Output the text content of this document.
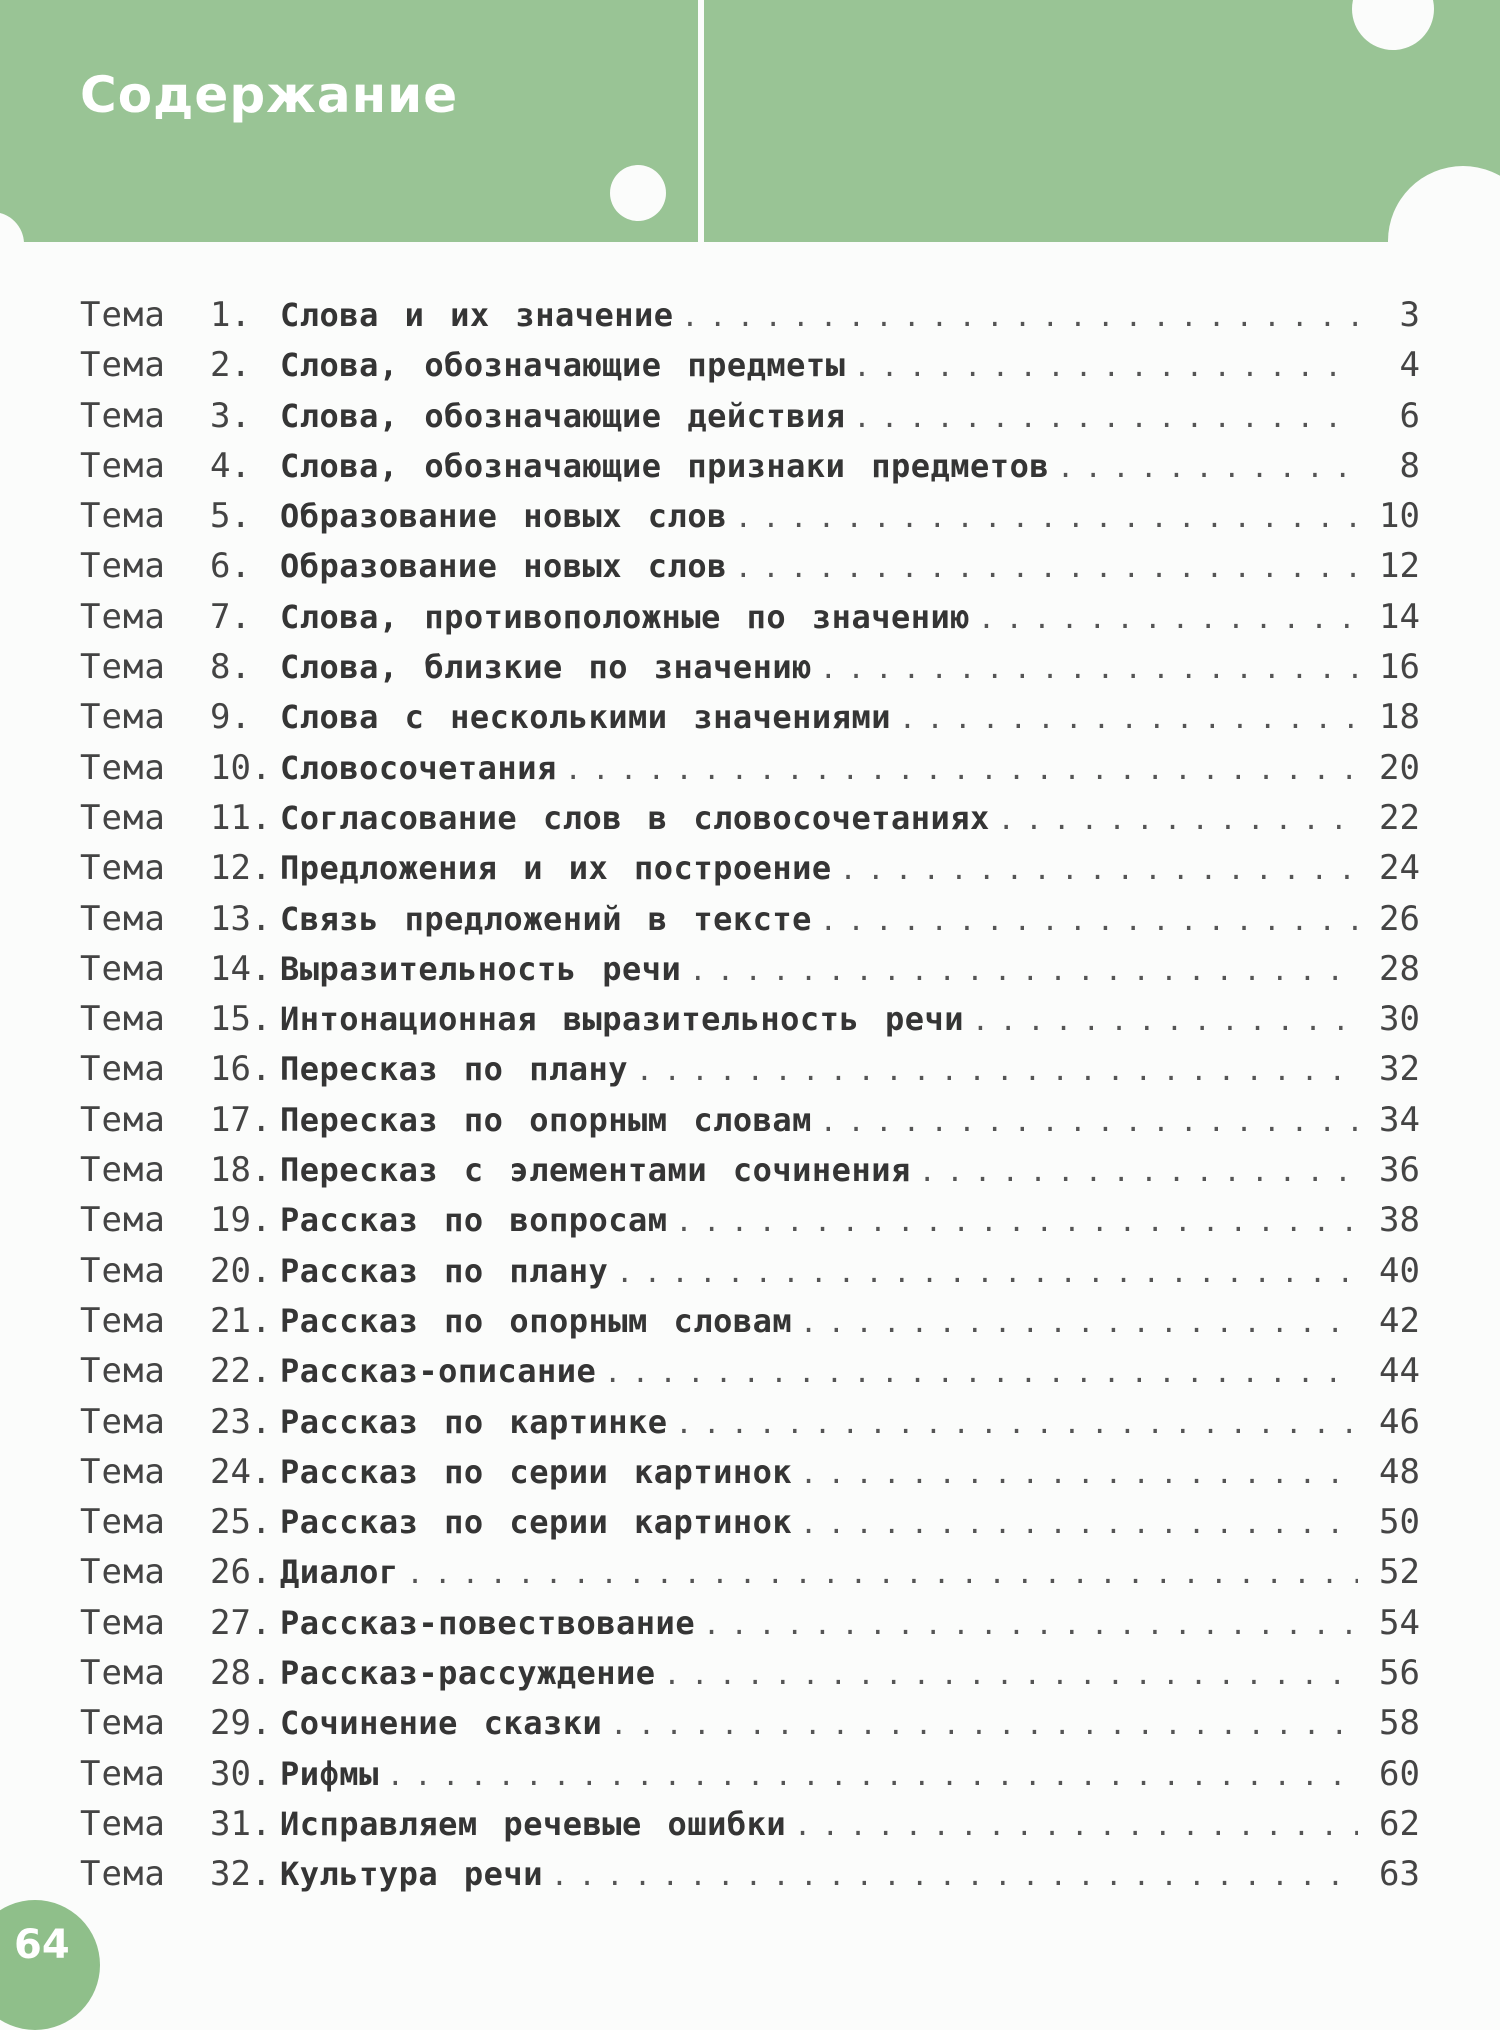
Содержание
Тема	1. Слова и их значение . . .	3
Тема	2. Слова, обозначающие предметы . . .	4
Тема	3. Слова, обозначающие действия . . .	6
Тема	4. Слова, обозначающие признаки предметов . . .	8
Тема	5. Образование новых слов . . .	10
Тема	6. Образование новых слов . . .	12
Тема	7. Слова, противоположные по значению . . .	14
Тема	8. Слова, близкие по значению . . .	16
Тема	9. Слова с несколькими значениями . . .	18
Тема	10. Словосочетания . . .	20
Тема	11. Согласование слов в словосочетаниях . . .	22
Тема	12. Предложения и их построение . . .	24
Тема	13. Связь предложений в тексте . . .	26
Тема	14. Выразительность речи . . .	28
Тема	15. Интонационная выразительность речи . . .	30
Тема	16. Пересказ по плану . . .	32
Тема	17. Пересказ по опорным словам . . .	34
Тема	18. Пересказ с элементами сочинения . . .	36
Тема	19. Рассказ по вопросам . . .	38
Тема	20. Рассказ по плану . . .	40
Тема	21. Рассказ по опорным словам . . .	42
Тема	22. Рассказ-описание . . .	44
Тема	23. Рассказ по картинке . . .	46
Тема	24. Рассказ по серии картинок . . .	48
Тема	25. Рассказ по серии картинок . . .	50
Тема	26. Диалог . . .	52
Тема	27. Рассказ-повествование . . .	54
Тема	28. Рассказ-рассуждение . . .	56
Тема	29. Сочинение сказки . . .	58
Тема	30. Рифмы . . .	60
Тема	31. Исправляем речевые ошибки . . .	62
Тема	32. Культура речи . . .	63
64
